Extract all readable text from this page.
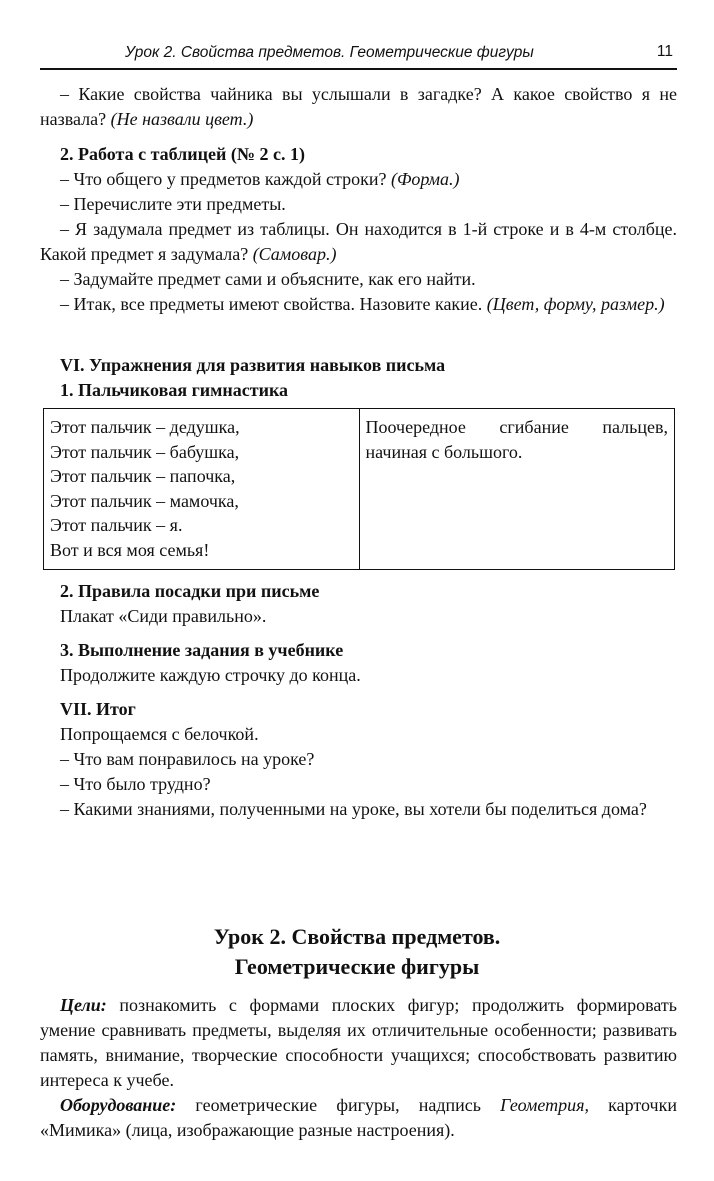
Урок 2. Свойства предметов. Геометрические фигуры	11

– Какие свойства чайника вы услышали в загадке? А какое свойство я не назвала? (Не назвали цвет.)

2. Работа с таблицей (№ 2 с. 1)

– Что общего у предметов каждой строки? (Форма.)

– Перечислите эти предметы.

– Я задумала предмет из таблицы. Он находится в 1-й строке и в 4-м столбце. Какой предмет я задумала? (Самовар.)

– Задумайте предмет сами и объясните, как его найти.

– Итак, все предметы имеют свойства. Назовите какие. (Цвет, форму, размер.)

VI. Упражнения для развития навыков письма

1. Пальчиковая гимнастика

Этот пальчик – дедушка,
Этот пальчик – бабушка,
Этот пальчик – папочка,
Этот пальчик – мамочка,
Этот пальчик – я.
Вот и вся моя семья!
	Поочередное сгибание пальцев, начиная с большого.

2. Правила посадки при письме

Плакат «Сиди правильно».

3. Выполнение задания в учебнике

Продолжите каждую строчку до конца.

VII. Итог

Попрощаемся с белочкой.

– Что вам понравилось на уроке?

– Что было трудно?

– Какими знаниями, полученными на уроке, вы хотели бы поделиться дома?

Урок 2. Свойства предметов.
Геометрические фигуры

Цели: познакомить с формами плоских фигур; продолжить формировать умение сравнивать предметы, выделяя их отличительные особенности; развивать память, внимание, творческие способности учащихся; способствовать развитию интереса к учебе.

Оборудование: геометрические фигуры, надпись Геометрия, карточки «Мимика» (лица, изображающие разные настроения).
